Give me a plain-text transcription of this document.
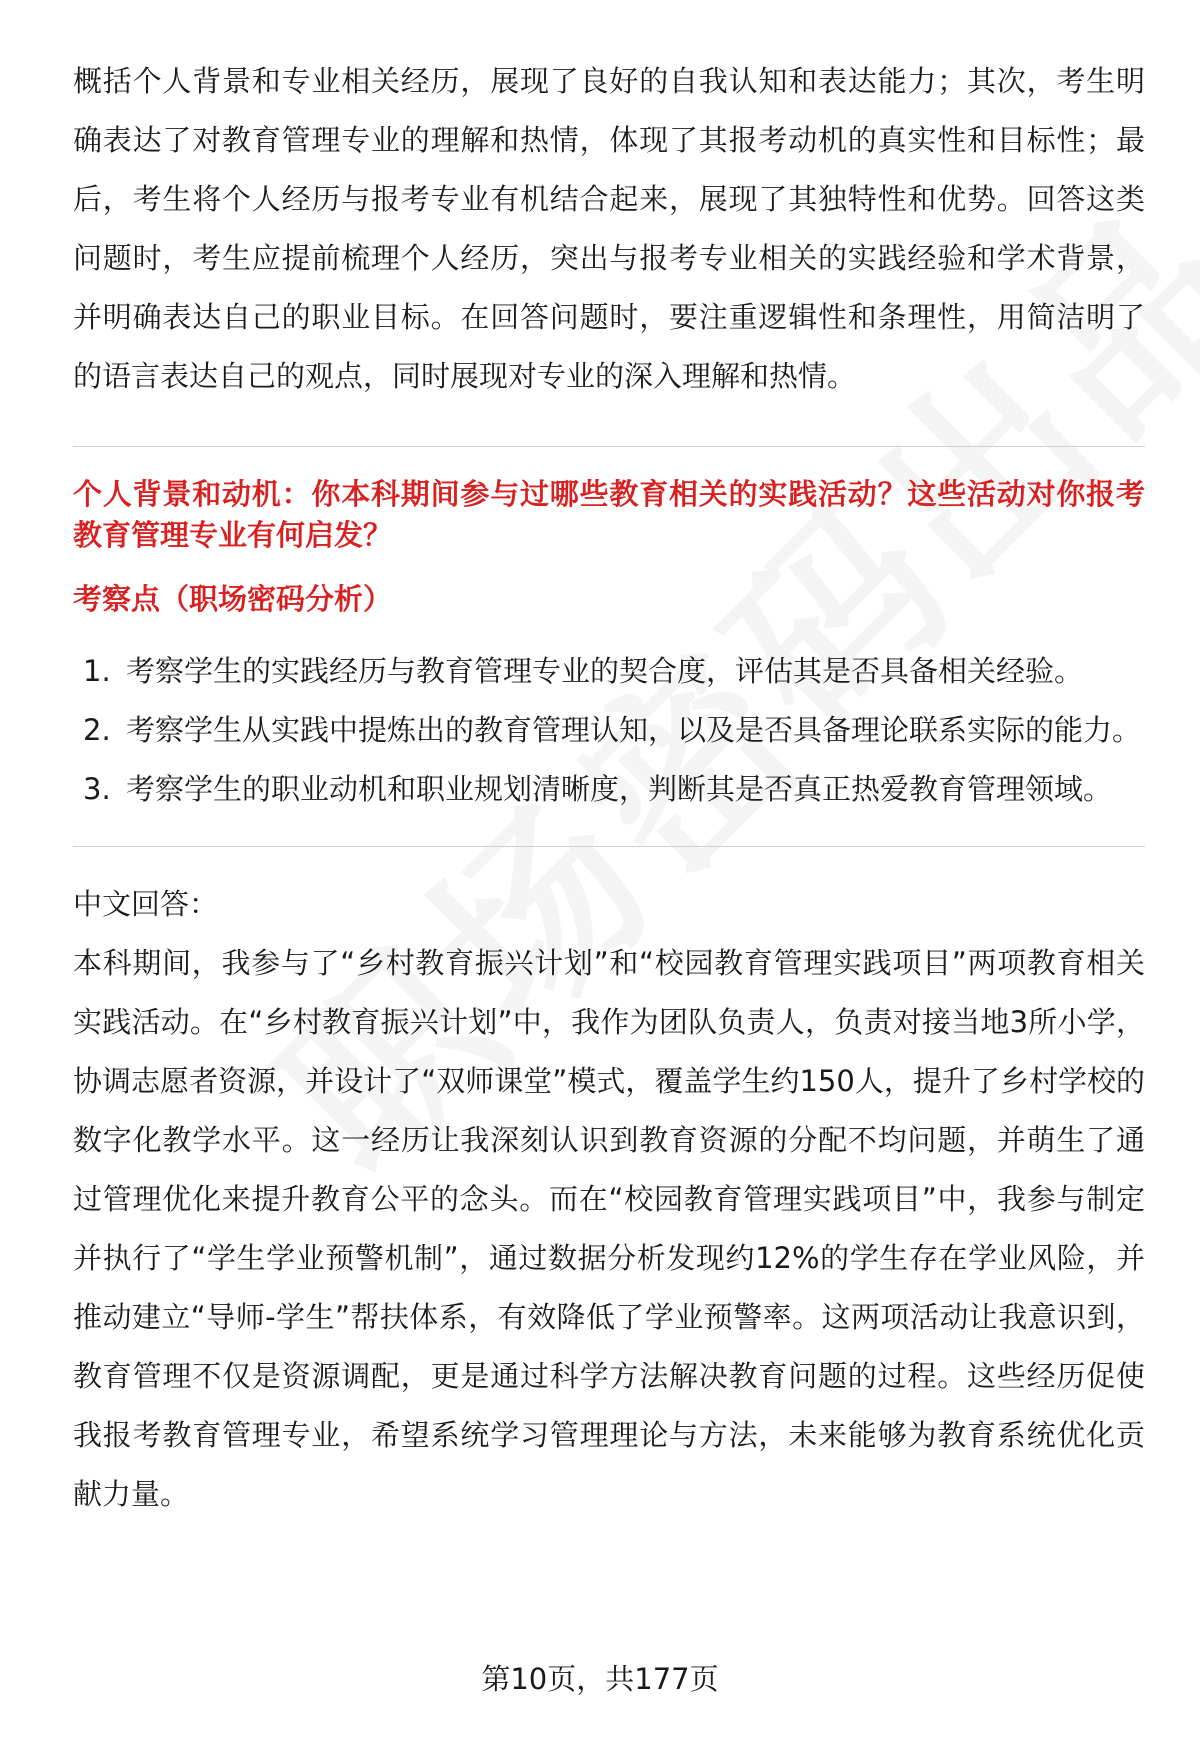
概括个人背景和专业相关经历，展现了良好的自我认知和表达能力；其次，考生明确表达了对教育管理专业的理解和热情，体现了其报考动机的真实性和目标性；最后，考生将个人经历与报考专业有机结合起来，展现了其独特性和优势。回答这类问题时，考生应提前梳理个人经历，突出与报考专业相关的实践经验和学术背景，并明确表达自己的职业目标。在回答问题时，要注重逻辑性和条理性，用简洁明了的语言表达自己的观点，同时展现对专业的深入理解和热情。

个人背景和动机：你本科期间参与过哪些教育相关的实践活动？这些活动对你报考教育管理专业有何启发？
考察点（职场密码分析）
1. 考察学生的实践经历与教育管理专业的契合度，评估其是否具备相关经验。
2. 考察学生从实践中提炼出的教育管理认知，以及是否具备理论联系实际的能力。
3. 考察学生的职业动机和职业规划清晰度，判断其是否真正热爱教育管理领域。
中文回答：

本科期间，我参与了“乡村教育振兴计划”和“校园教育管理实践项目”两项教育相关实践活动。在“乡村教育振兴计划”中，我作为团队负责人，负责对接当地3所小学，协调志愿者资源，并设计了“双师课堂”模式，覆盖学生约150人，提升了乡村学校的数字化教学水平。这一经历让我深刻认识到教育资源的分配不均问题，并萌生了通过管理优化来提升教育公平的念头。而在“校园教育管理实践项目”中，我参与制定并执行了“学生学业预警机制”，通过数据分析发现约12%的学生存在学业风险，并推动建立“导师-学生”帮扶体系，有效降低了学业预警率。这两项活动让我意识到，教育管理不仅是资源调配，更是通过科学方法解决教育问题的过程。这些经历促使我报考教育管理专业，希望系统学习管理理论与方法，未来能够为教育系统优化贡献力量。

第10页，共177页
